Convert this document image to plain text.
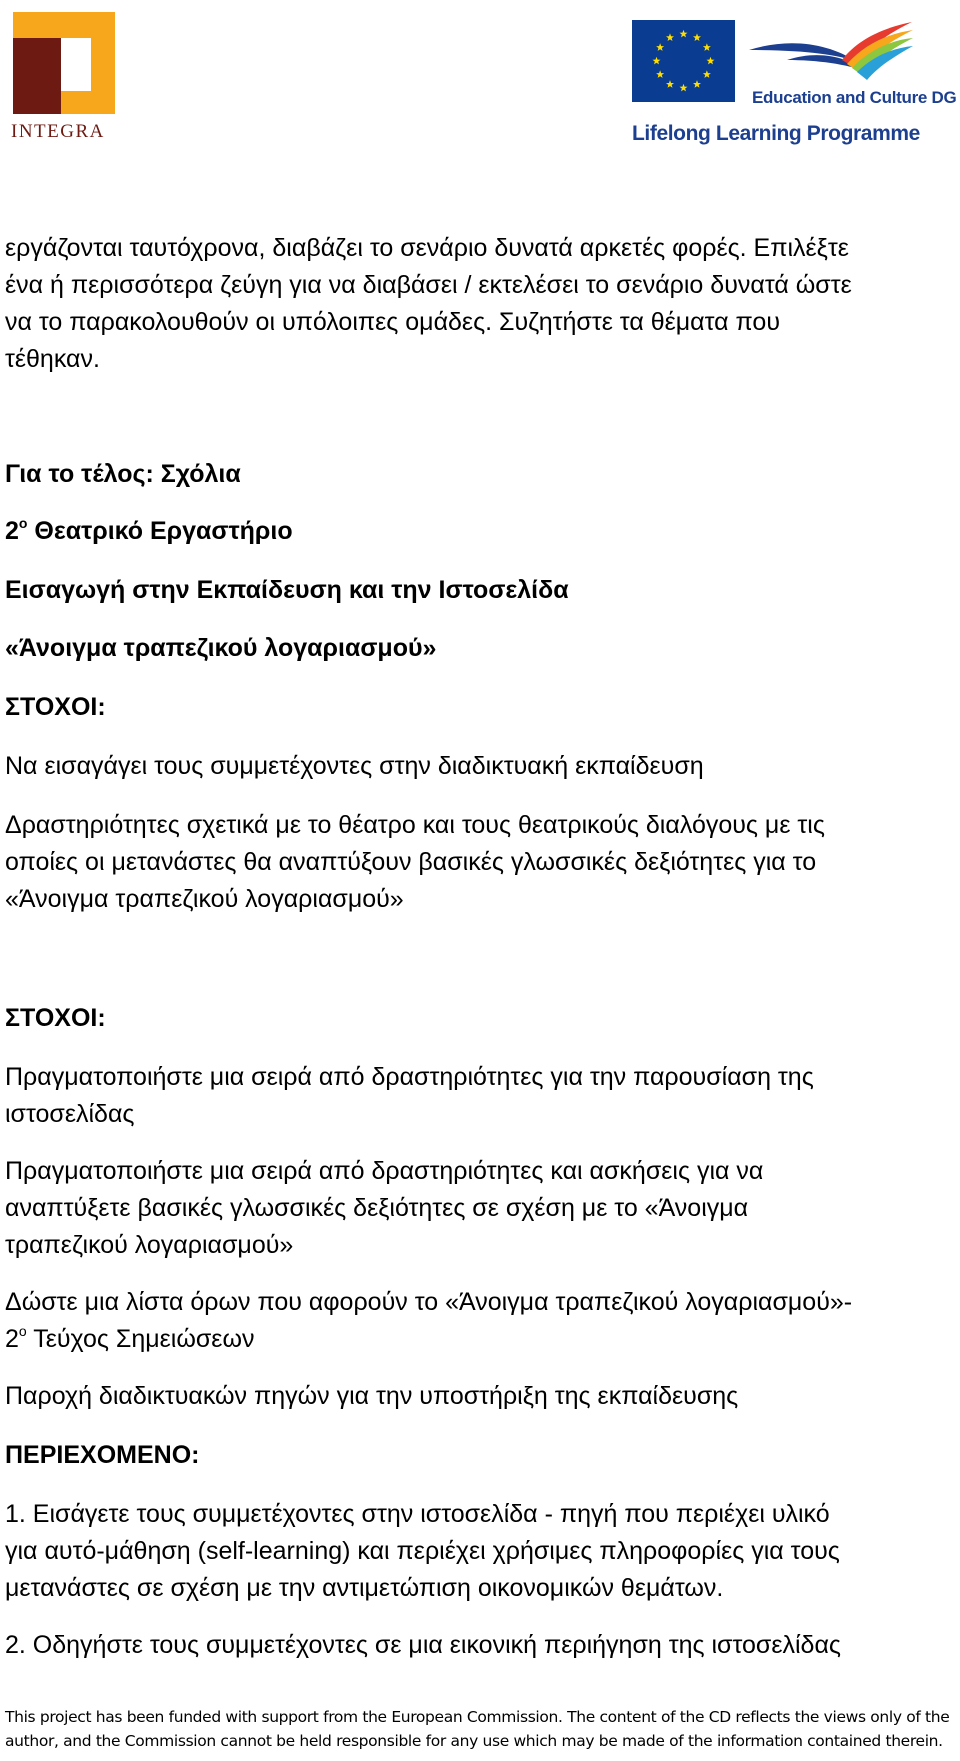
INTEGRA
Education and Culture DG
Lifelong Learning Programme
εργάζονται ταυτόχρονα, διαβάζει το σενάριο δυνατά αρκετές φορές. Επιλέξτε
ένα ή περισσότερα ζεύγη για να διαβάσει / εκτελέσει το σενάριο δυνατά ώστε
να το παρακολουθούν οι υπόλοιπες ομάδες. Συζητήστε τα θέματα που
τέθηκαν.
Για το τέλος: Σχόλια
$2^o$ Θεατρικό Εργαστήριο
Εισαγωγή στην Εκπαίδευση και την Ιστοσελίδα
«Άνοιγμα τραπεζικού λογαριασμού»
ΣΤΟΧΟΙ:
Να εισαγάγει τους συμμετέχοντες στην διαδικτυακή εκπαίδευση
Δραστηριότητες σχετικά με το θέατρο και τους θεατρικούς διαλόγους με τις
οποίες οι μετανάστες θα αναπτύξουν βασικές γλωσσικές δεξιότητες για το
«Άνοιγμα τραπεζικού λογαριασμού»
ΣΤΟΧΟΙ:
Πραγματοποιήστε μια σειρά από δραστηριότητες για την παρουσίαση της
ιστοσελίδας
Πραγματοποιήστε μια σειρά από δραστηριότητες και ασκήσεις για να
αναπτύξετε βασικές γλωσσικές δεξιότητες σε σχέση με το «Άνοιγμα
τραπεζικού λογαριασμού»
Δώστε μια λίστα όρων που αφορούν το «Άνοιγμα τραπεζικού λογαριασμού»-
$2^o$ Τεύχος Σημειώσεων
Παροχή διαδικτυακών πηγών για την υποστήριξη της εκπαίδευσης
ΠΕΡΙΕΧΟΜΕΝΟ:
1. Εισάγετε τους συμμετέχοντες στην ιστοσελίδα - πηγή που περιέχει υλικό
για αυτό-μάθηση (self-learning) και περιέχει χρήσιμες πληροφορίες για τους
μετανάστες σε σχέση με την αντιμετώπιση οικονομικών θεμάτων.
2. Οδηγήστε τους συμμετέχοντες σε μια εικονική περιήγηση της ιστοσελίδας
This project has been funded with support from the European Commission. The content of the CD reflects the views only of the
author, and the Commission cannot be held responsible for any use which may be made of the information contained therein.
